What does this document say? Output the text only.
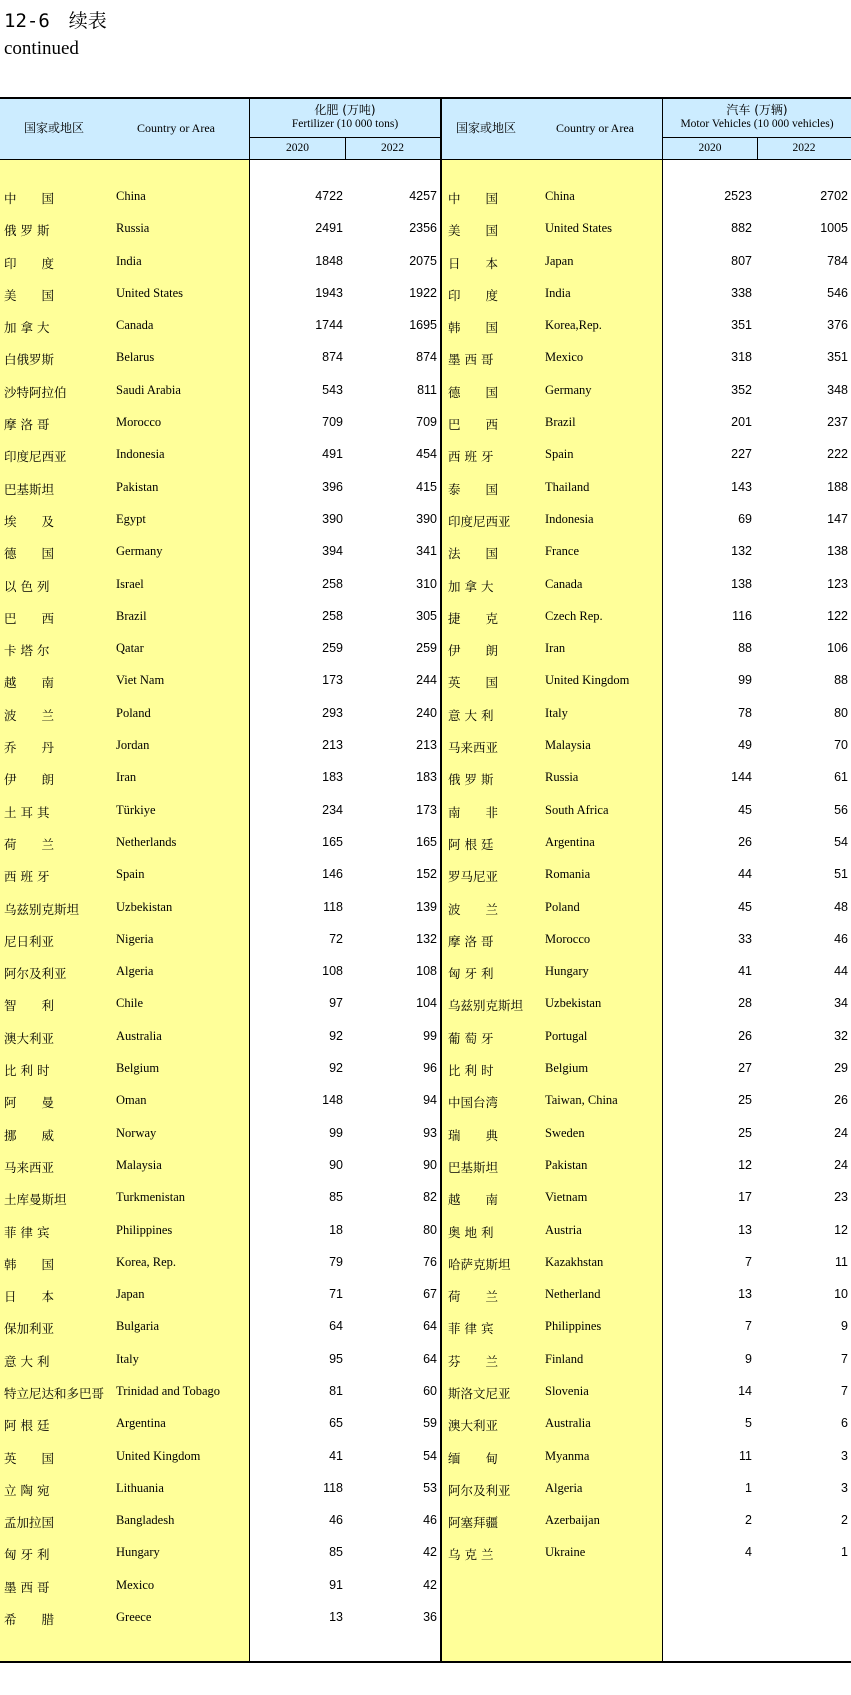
12-6　续表
continued
国家或地区	Country or Area
化肥 (万吨)
Fertilizer (10 000 tons)
2020	2022
中　　国	China	4722	4257
俄 罗 斯	Russia	2491	2356
印　　度	India	1848	2075
美　　国	United States	1943	1922
加 拿 大	Canada	1744	1695
白俄罗斯	Belarus	874	874
沙特阿拉伯	Saudi Arabia	543	811
摩 洛 哥	Morocco	709	709
印度尼西亚	Indonesia	491	454
巴基斯坦	Pakistan	396	415
埃　　及	Egypt	390	390
德　　国	Germany	394	341
以 色 列	Israel	258	310
巴　　西	Brazil	258	305
卡 塔 尔	Qatar	259	259
越　　南	Viet Nam	173	244
波　　兰	Poland	293	240
乔　　丹	Jordan	213	213
伊　　朗	Iran	183	183
土 耳 其	Türkiye	234	173
荷　　兰	Netherlands	165	165
西 班 牙	Spain	146	152
乌兹别克斯坦	Uzbekistan	118	139
尼日利亚	Nigeria	72	132
阿尔及利亚	Algeria	108	108
智　　利	Chile	97	104
澳大利亚	Australia	92	99
比 利 时	Belgium	92	96
阿　　曼	Oman	148	94
挪　　威	Norway	99	93
马来西亚	Malaysia	90	90
土库曼斯坦	Turkmenistan	85	82
菲 律 宾	Philippines	18	80
韩　　国	Korea, Rep.	79	76
日　　本	Japan	71	67
保加利亚	Bulgaria	64	64
意 大 利	Italy	95	64
特立尼达和多巴哥 Trinidad and Tobago	81	60
阿 根 廷	Argentina	65	59
英　　国	United Kingdom	41	54
立 陶 宛	Lithuania	118	53
孟加拉国	Bangladesh	46	46
匈 牙 利	Hungary	85	42
墨 西 哥	Mexico	91	42
希　　腊	Greece	13	36
国家或地区	Country or Area
汽车 (万辆)
Motor Vehicles (10 000 vehicles)
2020	2022
中　　国	China	2523	2702
美　　国	United States	882	1005
日　　本	Japan	807	784
印　　度	India	338	546
韩　　国	Korea,Rep.	351	376
墨 西 哥	Mexico	318	351
德　　国	Germany	352	348
巴　　西	Brazil	201	237
西 班 牙	Spain	227	222
泰　　国	Thailand	143	188
印度尼西亚	Indonesia	69	147
法　　国	France	132	138
加 拿 大	Canada	138	123
捷　　克	Czech Rep.	116	122
伊　　朗	Iran	88	106
英　　国	United Kingdom	99	88
意 大 利	Italy	78	80
马来西亚	Malaysia	49	70
俄 罗 斯	Russia	144	61
南　　非	South Africa	45	56
阿 根 廷	Argentina	26	54
罗马尼亚	Romania	44	51
波　　兰	Poland	45	48
摩 洛 哥	Morocco	33	46
匈 牙 利	Hungary	41	44
乌兹别克斯坦 Uzbekistan	28	34
葡 萄 牙	Portugal	26	32
比 利 时	Belgium	27	29
中国台湾	Taiwan, China	25	26
瑞　　典	Sweden	25	24
巴基斯坦	Pakistan	12	24
越　　南	Vietnam	17	23
奥 地 利	Austria	13	12
哈萨克斯坦	Kazakhstan	7	11
荷　　兰	Netherland	13	10
菲 律 宾	Philippines	7	9
芬　　兰	Finland	9	7
斯洛文尼亚	Slovenia	14	7
澳大利亚	Australia	5	6
缅　　甸	Myanma	11	3
阿尔及利亚	Algeria	1	3
阿塞拜疆	Azerbaijan	2	2
乌 克 兰	Ukraine	4	1
